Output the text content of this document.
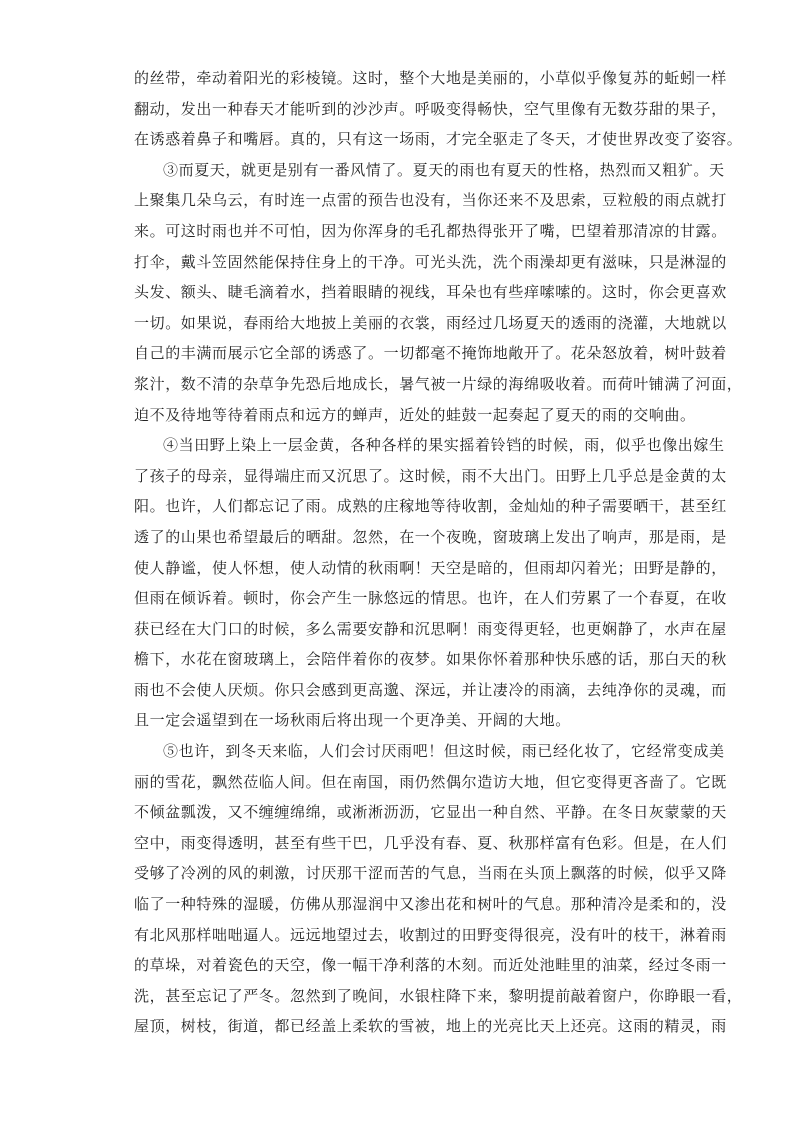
的丝带，牵动着阳光的彩棱镜。这时，整个大地是美丽的，小草似乎像复苏的蚯蚓一样
翻动，发出一种春天才能听到的沙沙声。呼吸变得畅快，空气里像有无数芬甜的果子，
在诱惑着鼻子和嘴唇。真的，只有这一场雨，才完全驱走了冬天，才使世界改变了姿容。
③而夏天，就更是别有一番风情了。夏天的雨也有夏天的性格，热烈而又粗犷。天
上聚集几朵乌云，有时连一点雷的预告也没有，当你还来不及思索，豆粒般的雨点就打
来。可这时雨也并不可怕，因为你浑身的毛孔都热得张开了嘴，巴望着那清凉的甘露。
打伞，戴斗笠固然能保持住身上的干净。可光头洗，洗个雨澡却更有滋味，只是淋湿的
头发、额头、睫毛滴着水，挡着眼睛的视线，耳朵也有些痒嗦嗦的。这时，你会更喜欢
一切。如果说，春雨给大地披上美丽的衣裳，雨经过几场夏天的透雨的浇灌，大地就以
自己的丰满而展示它全部的诱惑了。一切都毫不掩饰地敞开了。花朵怒放着，树叶鼓着
浆汁，数不清的杂草争先恐后地成长，暑气被一片绿的海绵吸收着。而荷叶铺满了河面，
迫不及待地等待着雨点和远方的蝉声，近处的蛙鼓一起奏起了夏天的雨的交响曲。
④当田野上染上一层金黄，各种各样的果实摇着铃铛的时候，雨，似乎也像出嫁生
了孩子的母亲，显得端庄而又沉思了。这时候，雨不大出门。田野上几乎总是金黄的太
阳。也许，人们都忘记了雨。成熟的庄稼地等待收割，金灿灿的种子需要晒干，甚至红
透了的山果也希望最后的晒甜。忽然，在一个夜晚，窗玻璃上发出了响声，那是雨，是
使人静谧，使人怀想，使人动情的秋雨啊！天空是暗的，但雨却闪着光；田野是静的，
但雨在倾诉着。顿时，你会产生一脉悠远的情思。也许，在人们劳累了一个春夏，在收
获已经在大门口的时候，多么需要安静和沉思啊！雨变得更轻，也更娴静了，水声在屋
檐下，水花在窗玻璃上，会陪伴着你的夜梦。如果你怀着那种快乐感的话，那白天的秋
雨也不会使人厌烦。你只会感到更高邈、深远，并让凄冷的雨滴，去纯净你的灵魂，而
且一定会遥望到在一场秋雨后将出现一个更净美、开阔的大地。
⑤也许，到冬天来临，人们会讨厌雨吧！但这时候，雨已经化妆了，它经常变成美
丽的雪花，飘然莅临人间。但在南国，雨仍然偶尔造访大地，但它变得更吝啬了。它既
不倾盆瓢泼，又不缠缠绵绵，或淅淅沥沥，它显出一种自然、平静。在冬日灰蒙蒙的天
空中，雨变得透明，甚至有些干巴，几乎没有春、夏、秋那样富有色彩。但是，在人们
受够了冷冽的风的刺激，讨厌那干涩而苦的气息，当雨在头顶上飘落的时候，似乎又降
临了一种特殊的湿暖，仿佛从那湿润中又渗出花和树叶的气息。那种清冷是柔和的，没
有北风那样咄咄逼人。远远地望过去，收割过的田野变得很亮，没有叶的枝干，淋着雨
的草垛，对着瓷色的天空，像一幅干净利落的木刻。而近处池畦里的油菜，经过冬雨一
洗，甚至忘记了严冬。忽然到了晚间，水银柱降下来，黎明提前敲着窗户，你睁眼一看，
屋顶，树枝，街道，都已经盖上柔软的雪被，地上的光亮比天上还亮。这雨的精灵，雨
